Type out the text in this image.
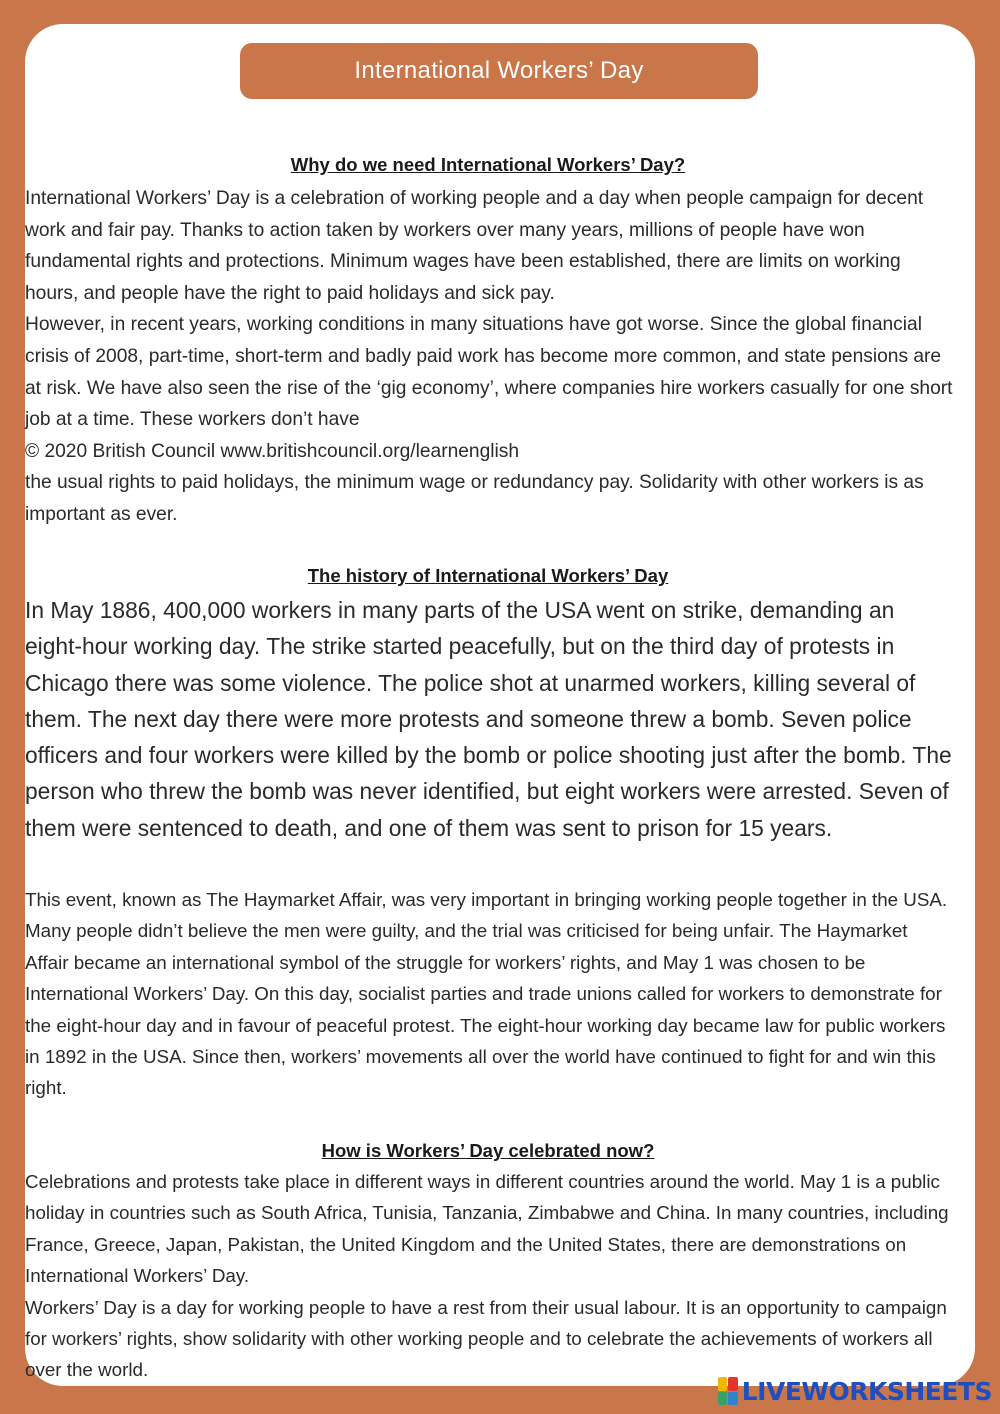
International Workers’ Day
Why do we need International Workers’ Day?

International Workers’ Day is a celebration of working people and a day when people campaign for decent work and fair pay. Thanks to action taken by workers over many years, millions of people have won fundamental rights and protections. Minimum wages have been established, there are limits on working hours, and people have the right to paid holidays and sick pay.

However, in recent years, working conditions in many situations have got worse. Since the global financial crisis of 2008, part-time, short-term and badly paid work has become more common, and state pensions are at risk. We have also seen the rise of the ‘gig economy’, where companies hire workers casually for one short job at a time. These workers don’t have

© 2020 British Council www.britishcouncil.org/learnenglish

the usual rights to paid holidays, the minimum wage or redundancy pay. Solidarity with other workers is as important as ever.

The history of International Workers’ Day

In May 1886, 400,000 workers in many parts of the USA went on strike, demanding an eight-hour working day. The strike started peacefully, but on the third day of protests in Chicago there was some violence. The police shot at unarmed workers, killing several of them. The next day there were more protests and someone threw a bomb. Seven police officers and four workers were killed by the bomb or police shooting just after the bomb. The person who threw the bomb was never identified, but eight workers were arrested. Seven of them were sentenced to death, and one of them was sent to prison for 15 years.

This event, known as The Haymarket Affair, was very important in bringing working people together in the USA. Many people didn’t believe the men were guilty, and the trial was criticised for being unfair. The Haymarket Affair became an international symbol of the struggle for workers’ rights, and May 1 was chosen to be International Workers’ Day. On this day, socialist parties and trade unions called for workers to demonstrate for the eight-hour day and in favour of peaceful protest. The eight-hour working day became law for public workers in 1892 in the USA. Since then, workers’ movements all over the world have continued to fight for and win this right.

How is Workers’ Day celebrated now?

Celebrations and protests take place in different ways in different countries around the world. May 1 is a public holiday in countries such as South Africa, Tunisia, Tanzania, Zimbabwe and China. In many countries, including France, Greece, Japan, Pakistan, the United Kingdom and the United States, there are demonstrations on International Workers’ Day.

Workers’ Day is a day for working people to have a rest from their usual labour. It is an opportunity to campaign for workers’ rights, show solidarity with other working people and to celebrate the achievements of workers all over the world.

LIVEWORKSHEETS
